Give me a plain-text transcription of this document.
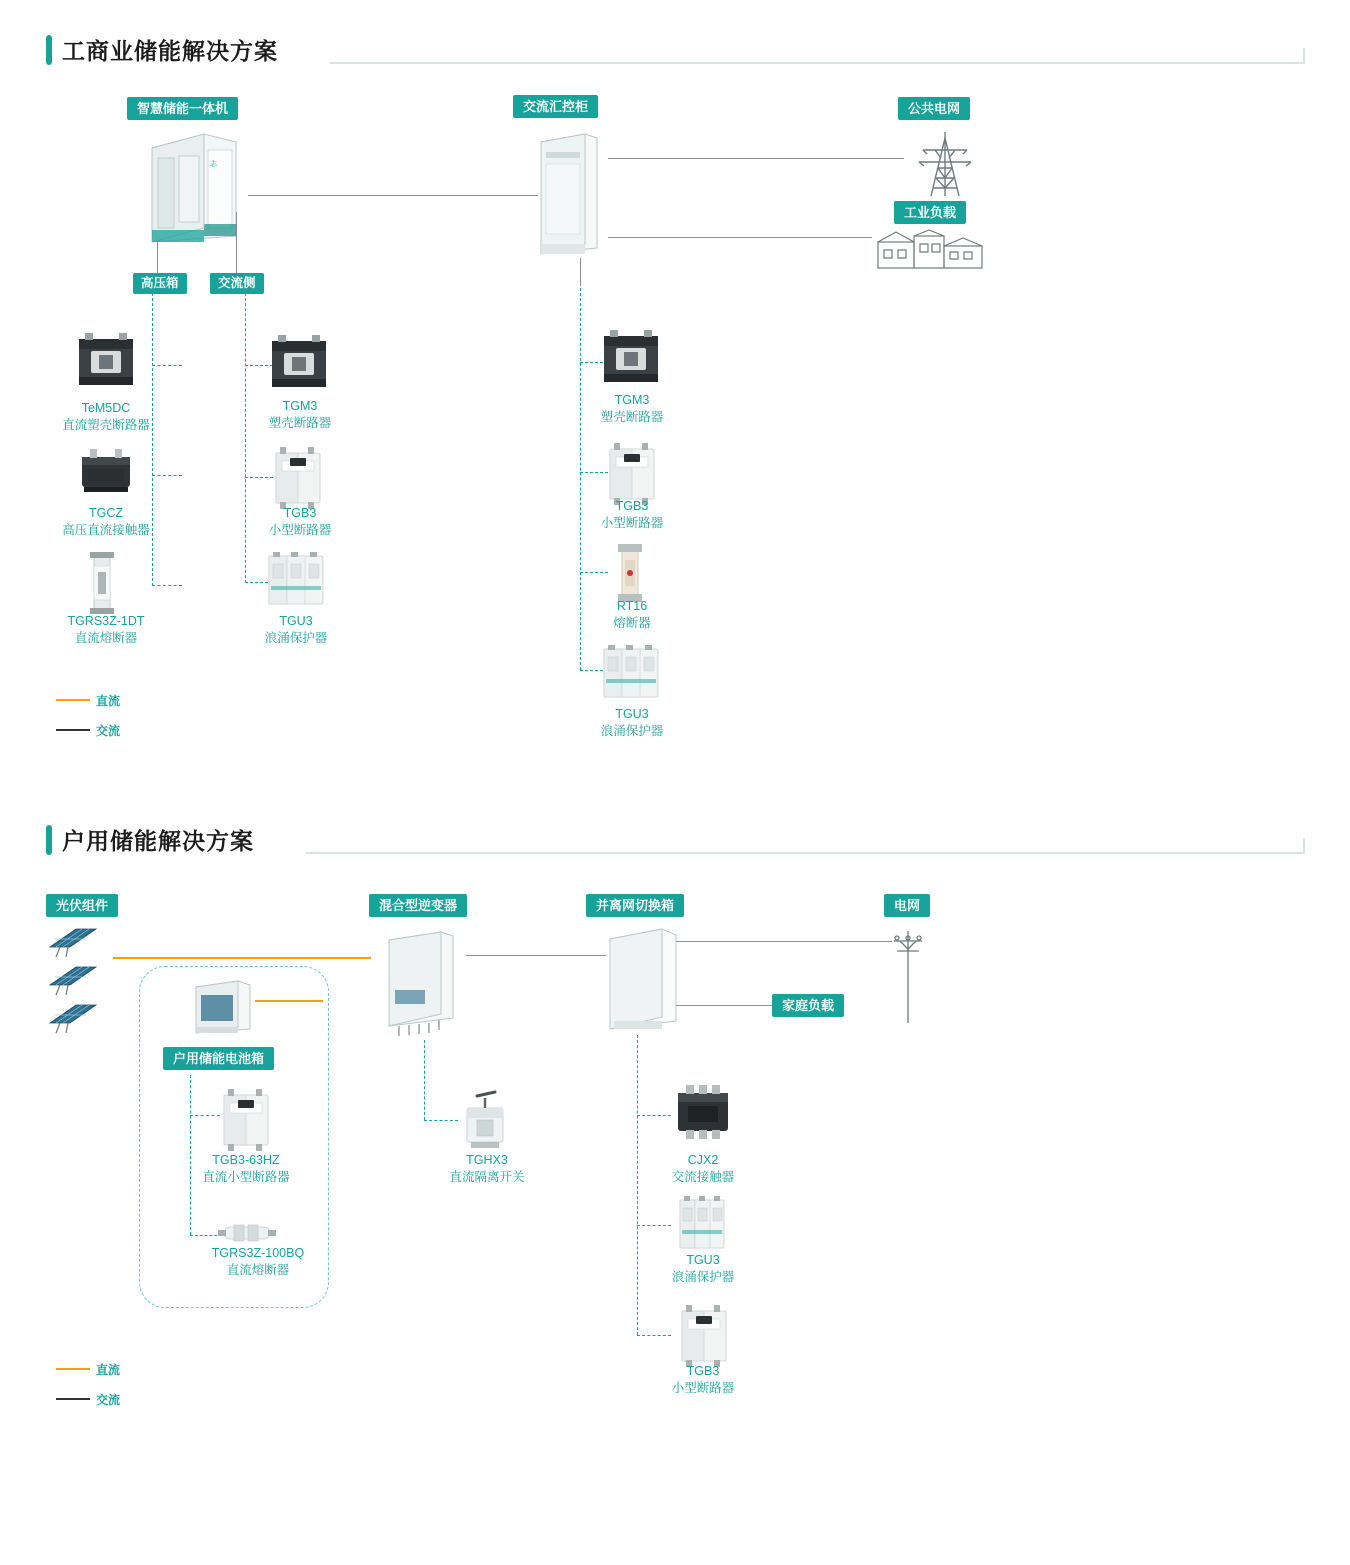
工商业储能解决方案
智慧储能一体机	交流汇控柜	公共电网
工业负载
高压箱	交流侧
志
TeM5DC
直流塑壳断路器
TGCZ
高压直流接触器
TGRS3Z-1DT
直流熔断器
TGM3
塑壳断路器
TGB3
小型断路器
TGU3
浪涌保护器
TGM3
塑壳断路器
TGB3
小型断路器
RT16
熔断器
TGU3
浪涌保护器
直流
交流
户用储能解决方案
光伏组件	混合型逆变器	并离网切换箱	电网
家庭负载
户用储能电池箱
TGB3-63HZ
直流小型断路器
TGRS3Z-100BQ
直流熔断器
TGHX3
直流隔离开关
CJX2
交流接触器
TGU3
浪涌保护器
TGB3
小型断路器
直流
交流
